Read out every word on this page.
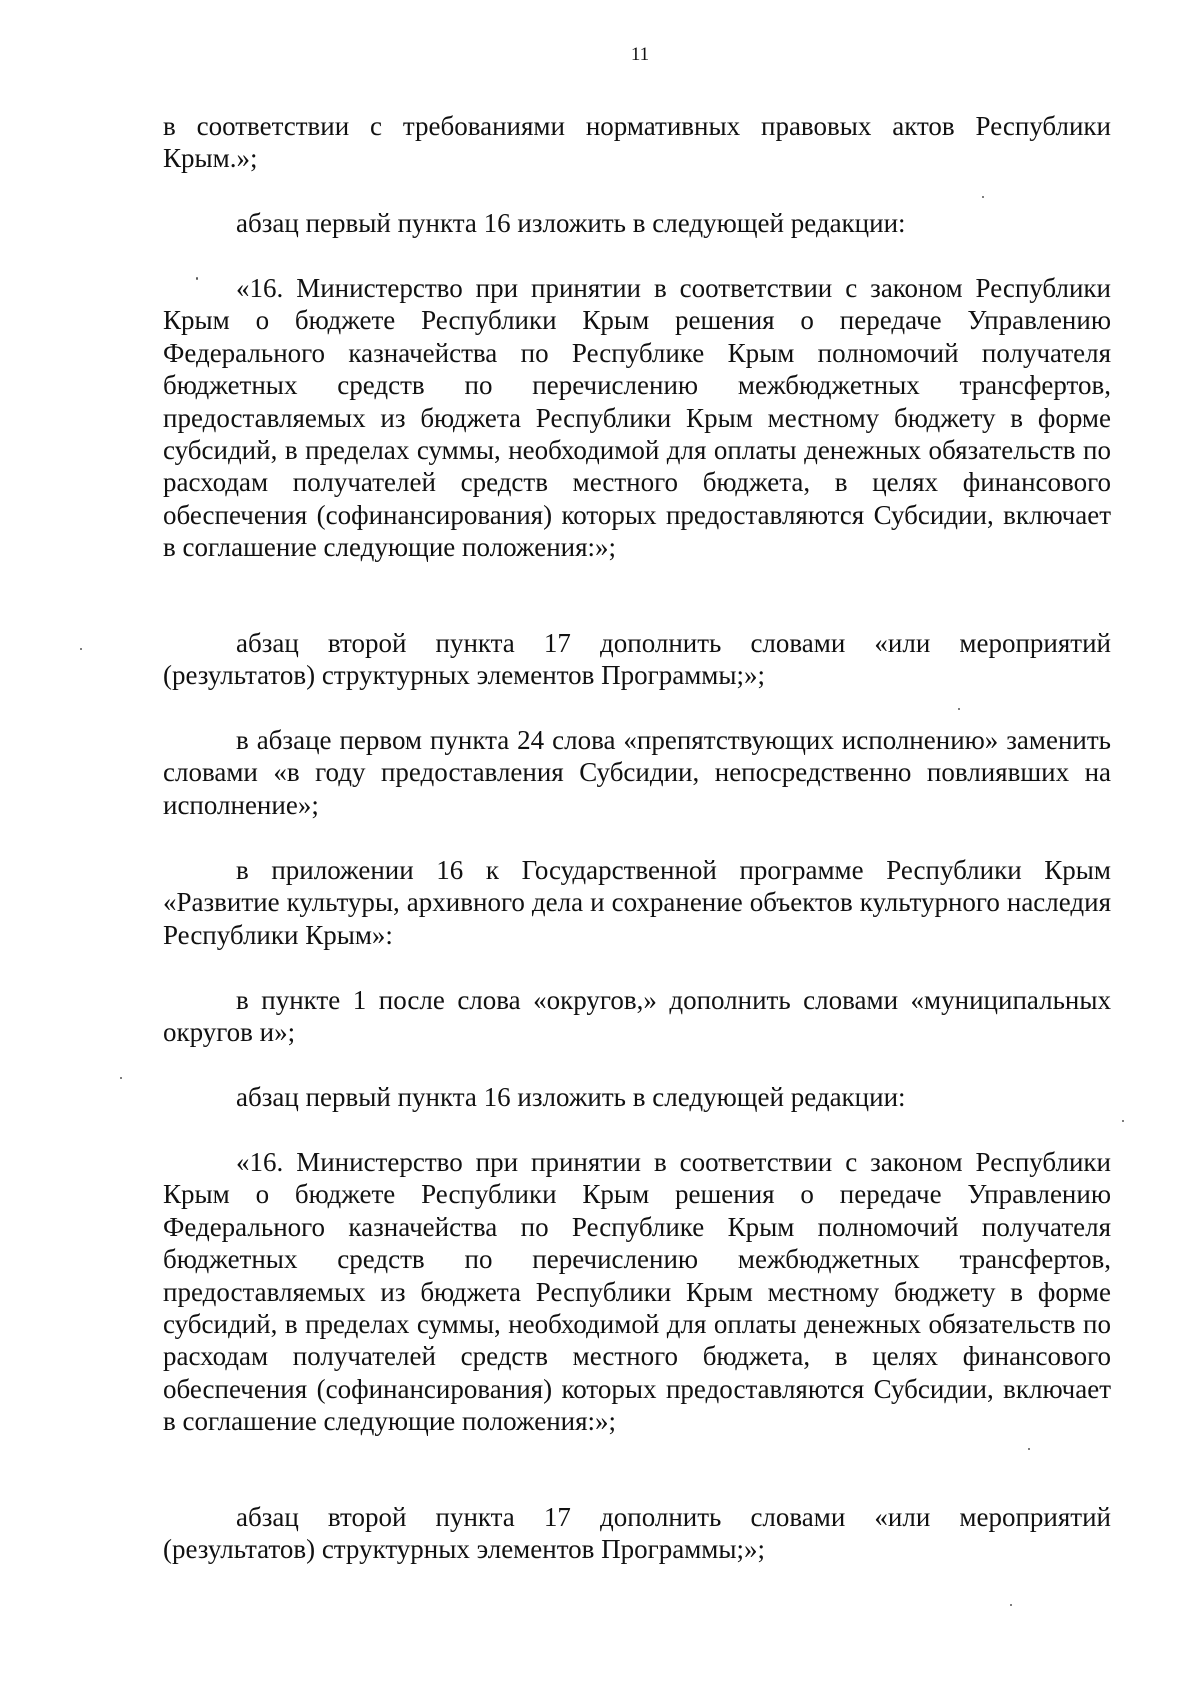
11

в соответствии с требованиями нормативных правовых актов Республики Крым.»;

абзац первый пункта 16 изложить в следующей редакции:

«16. Министерство при принятии в соответствии с законом Республики Крым о бюджете Республики Крым решения о передаче Управлению Федерального казначейства по Республике Крым полномочий получателя бюджетных средств по перечислению межбюджетных трансфертов, предоставляемых из бюджета Республики Крым местному бюджету в форме субсидий, в пределах суммы, необходимой для оплаты денежных обязательств по расходам получателей средств местного бюджета, в целях финансового обеспечения (софинансирования) которых предоставляются Субсидии, включает в соглашение следующие положения:»;

абзац второй пункта 17 дополнить словами «или мероприятий (результатов) структурных элементов Программы;»;

в абзаце первом пункта 24 слова «препятствующих исполнению» заменить словами «в году предоставления Субсидии, непосредственно повлиявших на исполнение»;

в приложении 16 к Государственной программе Республики Крым «Развитие культуры, архивного дела и сохранение объектов культурного наследия Республики Крым»:

в пункте 1 после слова «округов,» дополнить словами «муниципальных округов и»;

абзац первый пункта 16 изложить в следующей редакции:

«16. Министерство при принятии в соответствии с законом Республики Крым о бюджете Республики Крым решения о передаче Управлению Федерального казначейства по Республике Крым полномочий получателя бюджетных средств по перечислению межбюджетных трансфертов, предоставляемых из бюджета Республики Крым местному бюджету в форме субсидий, в пределах суммы, необходимой для оплаты денежных обязательств по расходам получателей средств местного бюджета, в целях финансового обеспечения (софинансирования) которых предоставляются Субсидии, включает в соглашение следующие положения:»;

абзац второй пункта 17 дополнить словами «или мероприятий (результатов) структурных элементов Программы;»;
